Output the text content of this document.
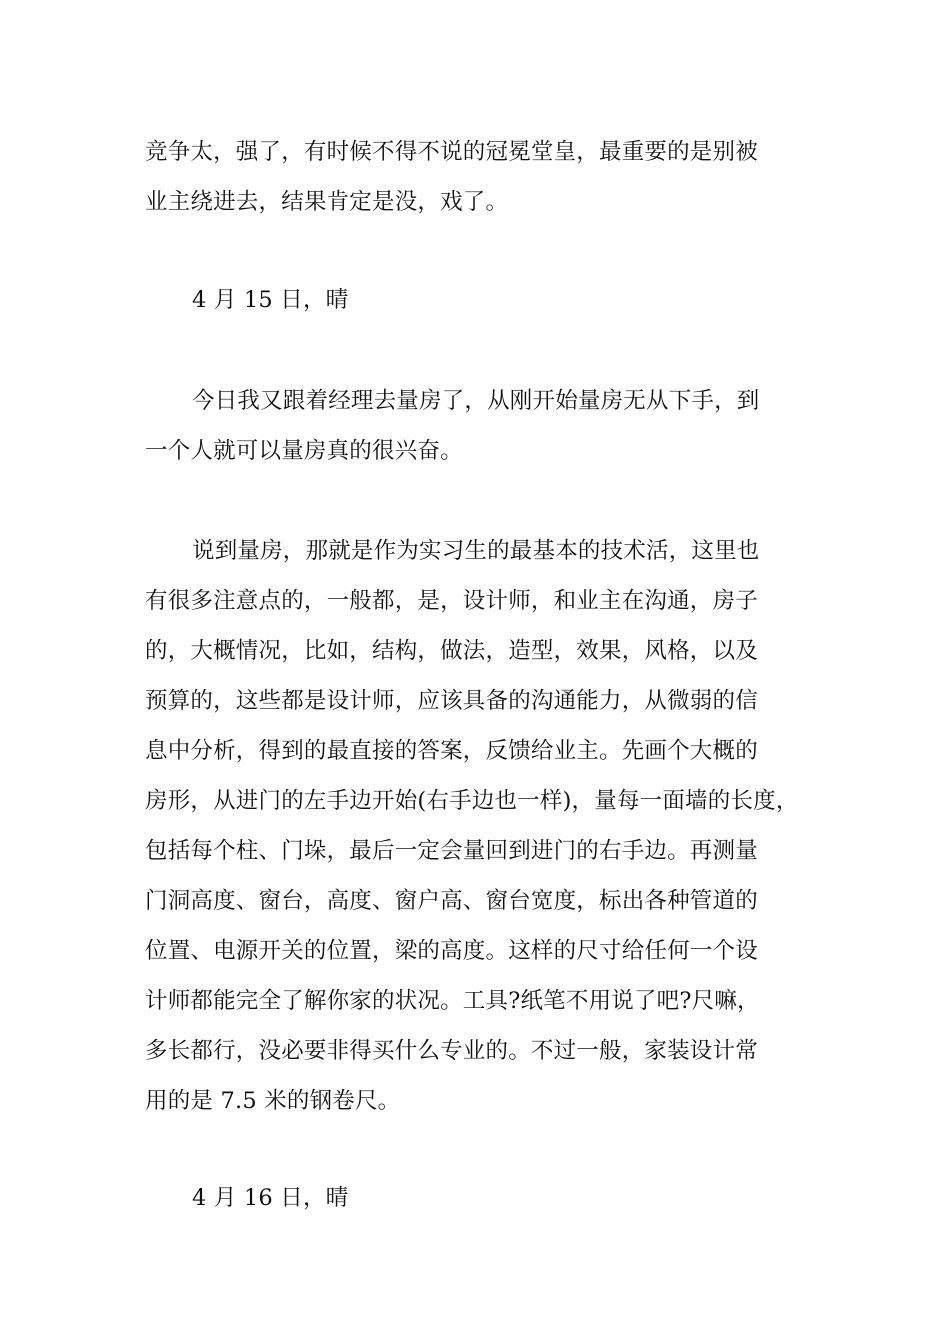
竞争太，强了，有时候不得不说的冠冕堂皇，最重要的是别被
业主绕进去，结果肯定是没，戏了。
4 月 15 日，晴
今日我又跟着经理去量房了，从刚开始量房无从下手，到
一个人就可以量房真的很兴奋。
说到量房，那就是作为实习生的最基本的技术活，这里也
有很多注意点的，一般都，是，设计师，和业主在沟通，房子
的，大概情况，比如，结构，做法，造型，效果，风格，以及
预算的，这些都是设计师，应该具备的沟通能力，从微弱的信
息中分析，得到的最直接的答案，反馈给业主。先画个大概的
房形，从进门的左手边开始(右手边也一样)，量每一面墙的长度，
包括每个柱、门垛，最后一定会量回到进门的右手边。再测量
门洞高度、窗台，高度、窗户高、窗台宽度，标出各种管道的
位置、电源开关的位置，梁的高度。这样的尺寸给任何一个设
计师都能完全了解你家的状况。工具?纸笔不用说了吧?尺嘛，
多长都行，没必要非得买什么专业的。不过一般，家装设计常
用的是 7.5 米的钢卷尺。
4 月 16 日，晴
